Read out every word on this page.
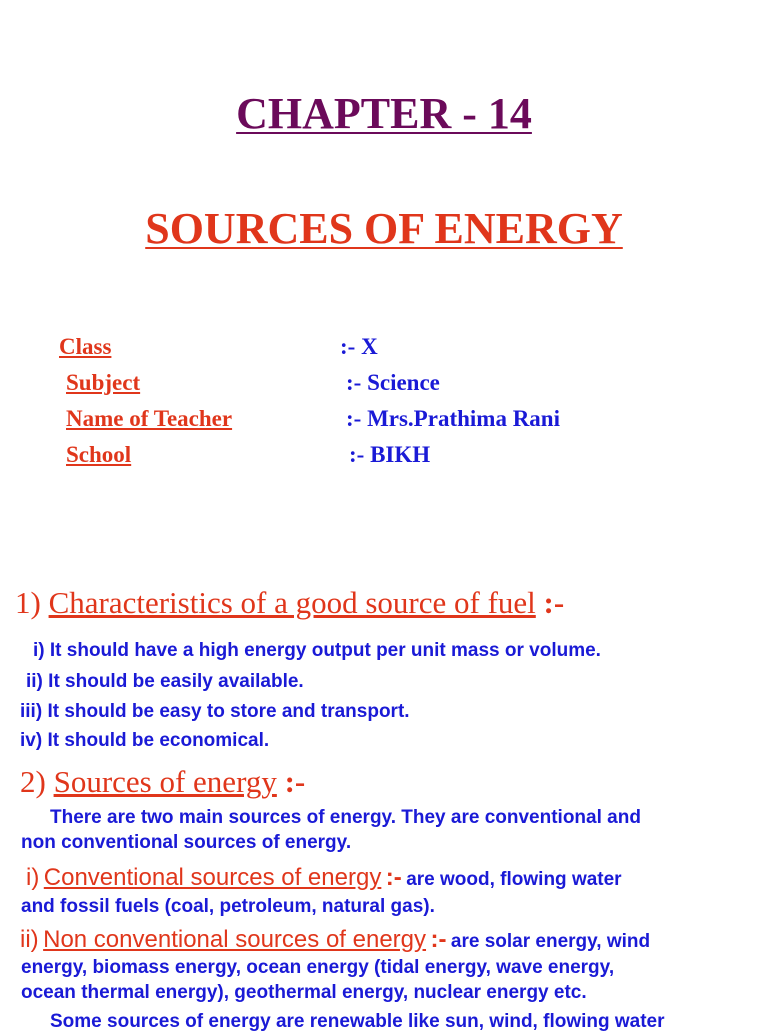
CHAPTER - 14
SOURCES OF ENERGY
Class	:- X
Subject	:- Science
Name of Teacher	:- Mrs.Prathima Rani
School	:- BIKH
1) Characteristics of a good source of fuel :-
i) It should have a high energy output per unit mass or volume.
ii) It should be easily available.
iii) It should be easy to store and transport.
iv) It should be economical.
2) Sources of energy :-
There are two main sources of energy. They are conventional and
non conventional sources of energy.
i) Conventional sources of energy :- are wood, flowing water
and fossil fuels (coal, petroleum, natural gas).
ii) Non conventional sources of energy :- are solar energy, wind
energy, biomass energy, ocean energy (tidal energy, wave energy,
ocean thermal energy), geothermal energy, nuclear energy etc.
Some sources of energy are renewable like sun, wind, flowing water
